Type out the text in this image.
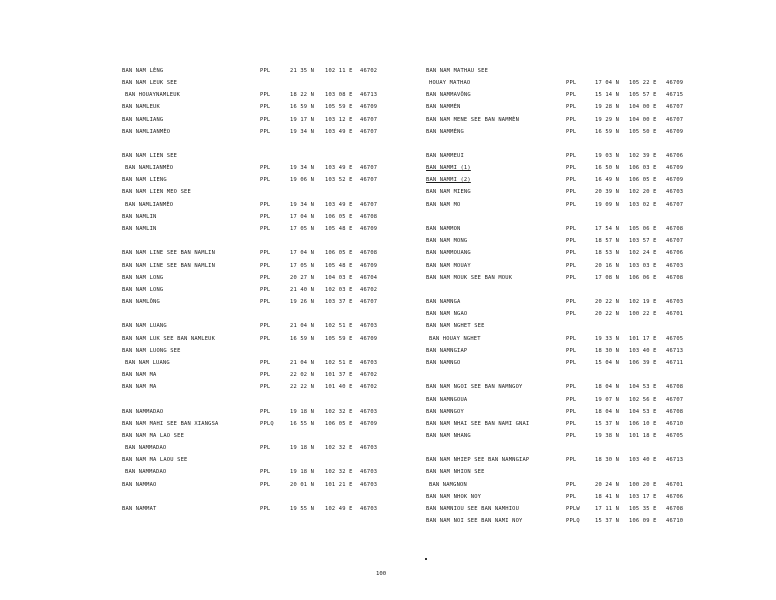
BAN NAM LÈNG	PPL	21 35 N 102 11 E 46702
BAN NAM LEUK SEE
BAN HOUAYNAMLEUK	PPL	18 22 N 103 08 E 46713
BAN NAMLEUK	PPL	16 59 N 105 59 E 46709
BAN NAMLIANG	PPL	19 17 N 103 12 E 46707
BAN NAMLIANMÈO	PPL	19 34 N 103 49 E 46707
BAN NAM LIEN SEE
BAN NAMLIANMÈO	PPL	19 34 N 103 49 E 46707
BAN NAM LIENG	PPL	19 06 N 103 52 E 46707
BAN NAM LIEN MEO SEE
BAN NAMLIANMÈO	PPL	19 34 N 103 49 E 46707
BAN NAMLIN	PPL	17 04 N 106 05 E 46708
BAN NAMLIN	PPL	17 05 N 105 48 E 46709
BAN NAM LINE SEE BAN NAMLIN	PPL	17 04 N 106 05 E 46708
BAN NAM LINE SEE BAN NAMLIN	PPL	17 05 N 105 48 E 46709
BAN NAM LONG	PPL	20 27 N 104 03 E 46704
BAN NAM LONG	PPL	21 40 N 102 03 E 46702
BAN NAMLÔNG	PPL	19 26 N 103 37 E 46707
BAN NAM LUANG	PPL	21 04 N 102 51 E 46703
BAN NAM LUK SEE BAN NAMLEUK	PPL	16 59 N 105 59 E 46709
BAN NAM LUONG SEE
BAN NAM LUANG	PPL	21 04 N 102 51 E 46703
BAN NAM MA	PPL	22 02 N 101 37 E 46702
BAN NAM MA	PPL	22 22 N 101 40 E 46702
BAN NAMMADAO	PPL	19 18 N 102 32 E 46703
BAN NAM MAHI SEE BAN XIANGSA	PPLQ	16 55 N 106 05 E 46709
BAN NAM MA LAO SEE
BAN NAMMADAO	PPL	19 18 N 102 32 E 46703
BAN NAM MA LAOU SEE
BAN NAMMADAO	PPL	19 18 N 102 32 E 46703
BAN NAMMAO	PPL	20 01 N 101 21 E 46703
BAN NAMMAT	PPL	19 55 N 102 49 E 46703
BAN NAM MATHAU SEE
HOUAY MATHAO	PPL	17 04 N 105 22 E 46709
BAN NAMMAVÔNG	PPL	15 14 N 105 57 E 46715
BAN NAMMÈN	PPL	19 28 N 104 00 E 46707
BAN NAM MENE SEE BAN NAMMÈN	PPL	19 29 N 104 00 E 46707
BAN NAMMÈNG	PPL	16 59 N 105 50 E 46709
BAN NAMMEUI	PPL	19 03 N 102 39 E 46706
BAN NAMMI (1)	PPL	16 50 N 106 03 E 46709
BAN NAMMI (2)	PPL	16 49 N 106 05 E 46709
BAN NAM MIENG	PPL	20 39 N 102 20 E 46703
BAN NAM MO	PPL	19 09 N 103 02 E 46707
BAN NAMMON	PPL	17 54 N 105 06 E 46708
BAN NAM MONG	PPL	18 57 N 103 57 E 46707
BAN NAMMOUANG	PPL	18 53 N 102 24 E 46706
BAN NAM MOUAY	PPL	20 16 N 103 03 E 46703
BAN NAM MOUK SEE BAN MOUK	PPL	17 08 N 106 06 E 46708
BAN NAMNGA	PPL	20 22 N 102 19 E 46703
BAN NAM NGAO	PPL	20 22 N 100 22 E 46701
BAN NAM NGHET SEE
BAN HOUAY NGHET	PPL	19 33 N 101 17 E 46705
BAN NAMNGIAP	PPL	18 30 N 103 40 E 46713
BAN NAMNGO	PPL	15 04 N 106 39 E 46711
BAN NAM NGOI SEE BAN NAMNGOY	PPL	18 04 N 104 53 E 46708
BAN NAMNGOUA	PPL	19 07 N 102 56 E 46707
BAN NAMNGOY	PPL	18 04 N 104 53 E 46708
BAN NAM NHAI SEE BAN NAMI GNAI	PPL	15 37 N 106 10 E 46710
BAN NAM NHANG	PPL	19 38 N 101 18 E 46705
BAN NAM NHIEP SEE BAN NAMNGIAP	PPL	18 30 N 103 40 E 46713
BAN NAM NHION SEE
BAN NAMGNON	PPL	20 24 N 100 20 E 46701
BAN NAM NHOK NOY	PPL	18 41 N 103 17 E 46706
BAN NAMNIOU SEE BAN NAMHIOU	PPLW	17 11 N 105 35 E 46708
BAN NAM NOI SEE BAN NAMI NOY	PPLQ	15 37 N 106 09 E 46710
100
